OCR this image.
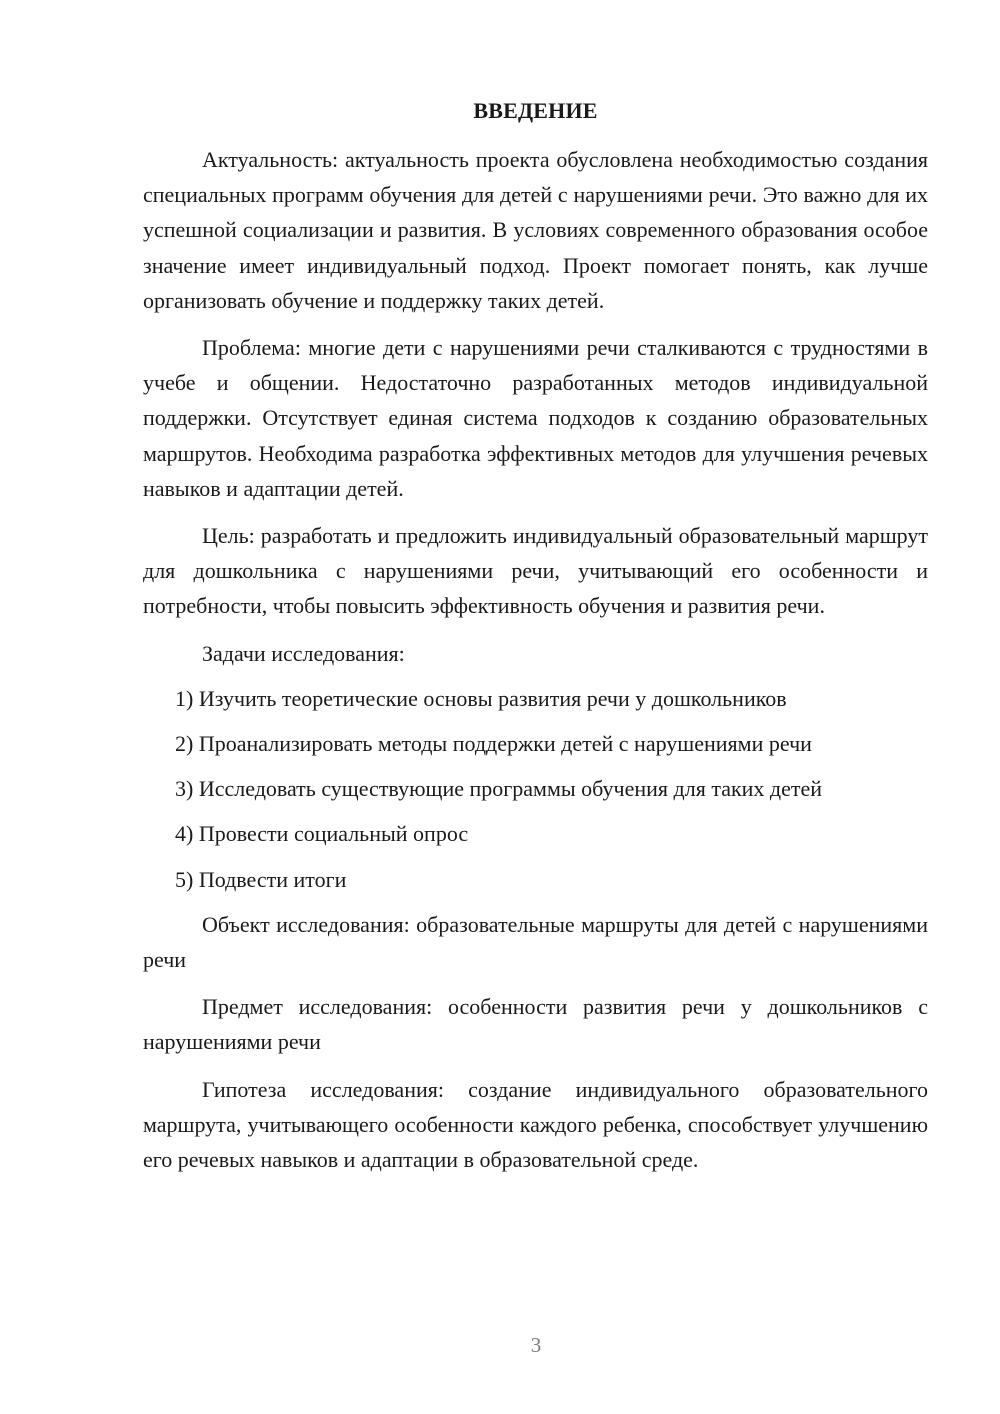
ВВЕДЕНИЕ

Актуальность: актуальность проекта обусловлена необходимостью создания специальных программ обучения для детей с нарушениями речи. Это важно для их успешной социализации и развития. В условиях современного образования особое значение имеет индивидуальный подход. Проект помогает понять, как лучше организовать обучение и поддержку таких детей.

Проблема: многие дети с нарушениями речи сталкиваются с трудностями в учебе и общении. Недостаточно разработанных методов индивидуальной поддержки. Отсутствует единая система подходов к созданию образовательных маршрутов. Необходима разработка эффективных методов для улучшения речевых навыков и адаптации детей.

Цель: разработать и предложить индивидуальный образовательный маршрут для дошкольника с нарушениями речи, учитывающий его особенности и потребности, чтобы повысить эффективность обучения и развития речи.

Задачи исследования:
1) Изучить теоретические основы развития речи у дошкольников
2) Проанализировать методы поддержки детей с нарушениями речи
3) Исследовать существующие программы обучения для таких детей
4) Провести социальный опрос
5) Подвести итоги

Объект исследования: образовательные маршруты для детей с нарушениями речи

Предмет исследования: особенности развития речи у дошкольников с нарушениями речи

Гипотеза исследования: создание индивидуального образовательного маршрута, учитывающего особенности каждого ребенка, способствует улучшению его речевых навыков и адаптации в образовательной среде.

3
